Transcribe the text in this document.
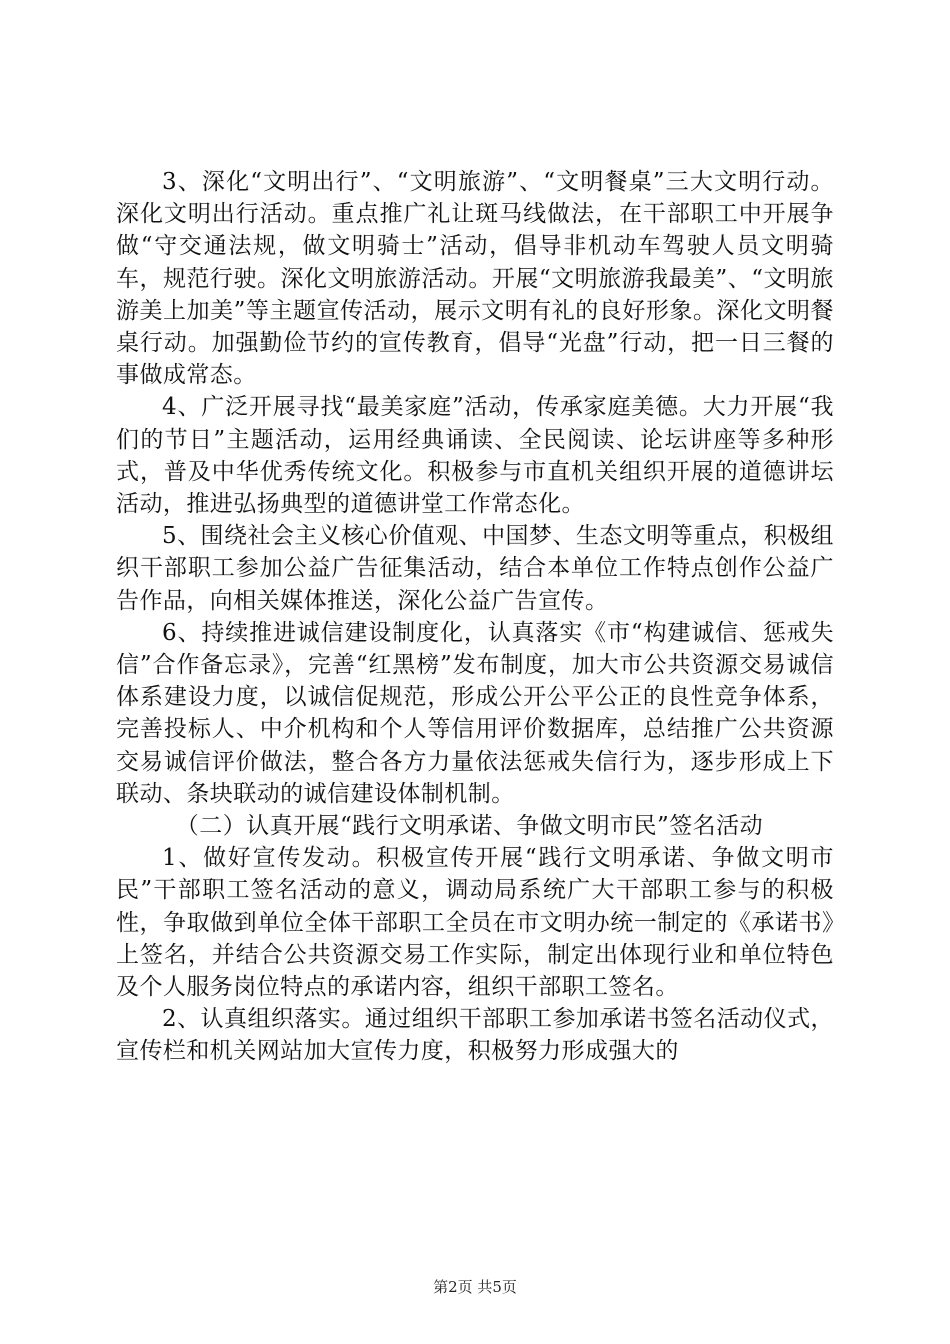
3、深化“文明出行”、“文明旅游”、“文明餐桌”三大文明行动。深化文明出行活动。重点推广礼让斑马线做法，在干部职工中开展争做“守交通法规，做文明骑士”活动，倡导非机动车驾驶人员文明骑车，规范行驶。深化文明旅游活动。开展“文明旅游我最美”、“文明旅游美上加美”等主题宣传活动，展示文明有礼的良好形象。深化文明餐桌行动。加强勤俭节约的宣传教育，倡导“光盘”行动，把一日三餐的事做成常态。

4、广泛开展寻找“最美家庭”活动，传承家庭美德。大力开展“我们的节日”主题活动，运用经典诵读、全民阅读、论坛讲座等多种形式，普及中华优秀传统文化。积极参与市直机关组织开展的道德讲坛活动，推进弘扬典型的道德讲堂工作常态化。

5、围绕社会主义核心价值观、中国梦、生态文明等重点，积极组织干部职工参加公益广告征集活动，结合本单位工作特点创作公益广告作品，向相关媒体推送，深化公益广告宣传。

6、持续推进诚信建设制度化，认真落实《市“构建诚信、惩戒失信”合作备忘录》，完善“红黑榜”发布制度，加大市公共资源交易诚信体系建设力度，以诚信促规范，形成公开公平公正的良性竞争体系，完善投标人、中介机构和个人等信用评价数据库，总结推广公共资源交易诚信评价做法，整合各方力量依法惩戒失信行为，逐步形成上下联动、条块联动的诚信建设体制机制。

（二）认真开展“践行文明承诺、争做文明市民”签名活动

1、做好宣传发动。积极宣传开展“践行文明承诺、争做文明市民”干部职工签名活动的意义，调动局系统广大干部职工参与的积极性，争取做到单位全体干部职工全员在市文明办统一制定的《承诺书》上签名，并结合公共资源交易工作实际，制定出体现行业和单位特色及个人服务岗位特点的承诺内容，组织干部职工签名。

2、认真组织落实。通过组织干部职工参加承诺书签名活动仪式，宣传栏和机关网站加大宣传力度，积极努力形成强大的

第2页 共5页
